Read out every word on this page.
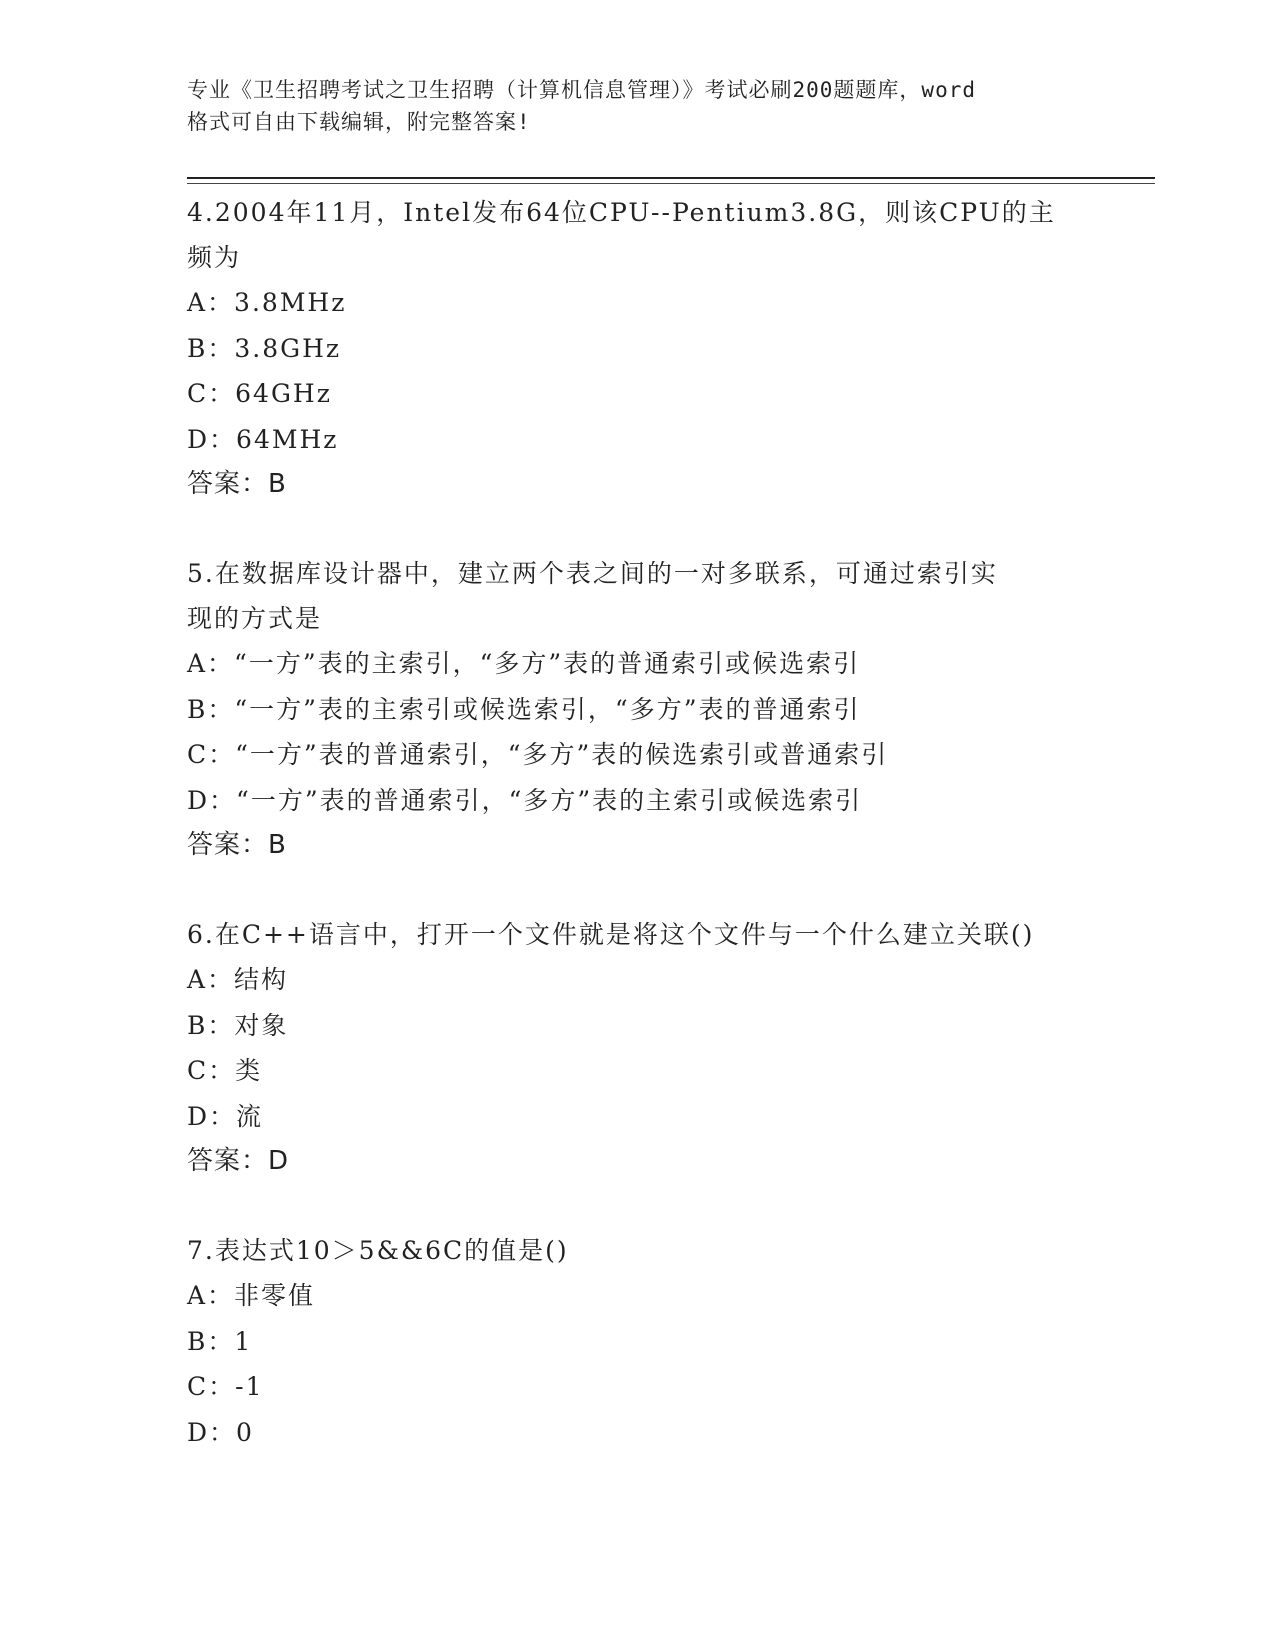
专业《卫生招聘考试之卫生招聘（计算机信息管理）》考试必刷200题题库，word
格式可自由下载编辑，附完整答案!
4.2004年11月，Intel发布64位CPU--Pentium3.8G，则该CPU的主
频为
A：3.8MHz
B：3.8GHz
C：64GHz
D：64MHz
答案：B
5.在数据库设计器中，建立两个表之间的一对多联系，可通过索引实
现的方式是
A：“一方”表的主索引，“多方”表的普通索引或候选索引
B：“一方”表的主索引或候选索引，“多方”表的普通索引
C：“一方”表的普通索引，“多方”表的候选索引或普通索引
D：“一方”表的普通索引，“多方”表的主索引或候选索引
答案：B
6.在C++语言中，打开一个文件就是将这个文件与一个什么建立关联()
A：结构
B：对象
C：类
D：流
答案：D
7.表达式10＞5&&6C的值是()
A：非零值
B：1
C：-1
D：0
